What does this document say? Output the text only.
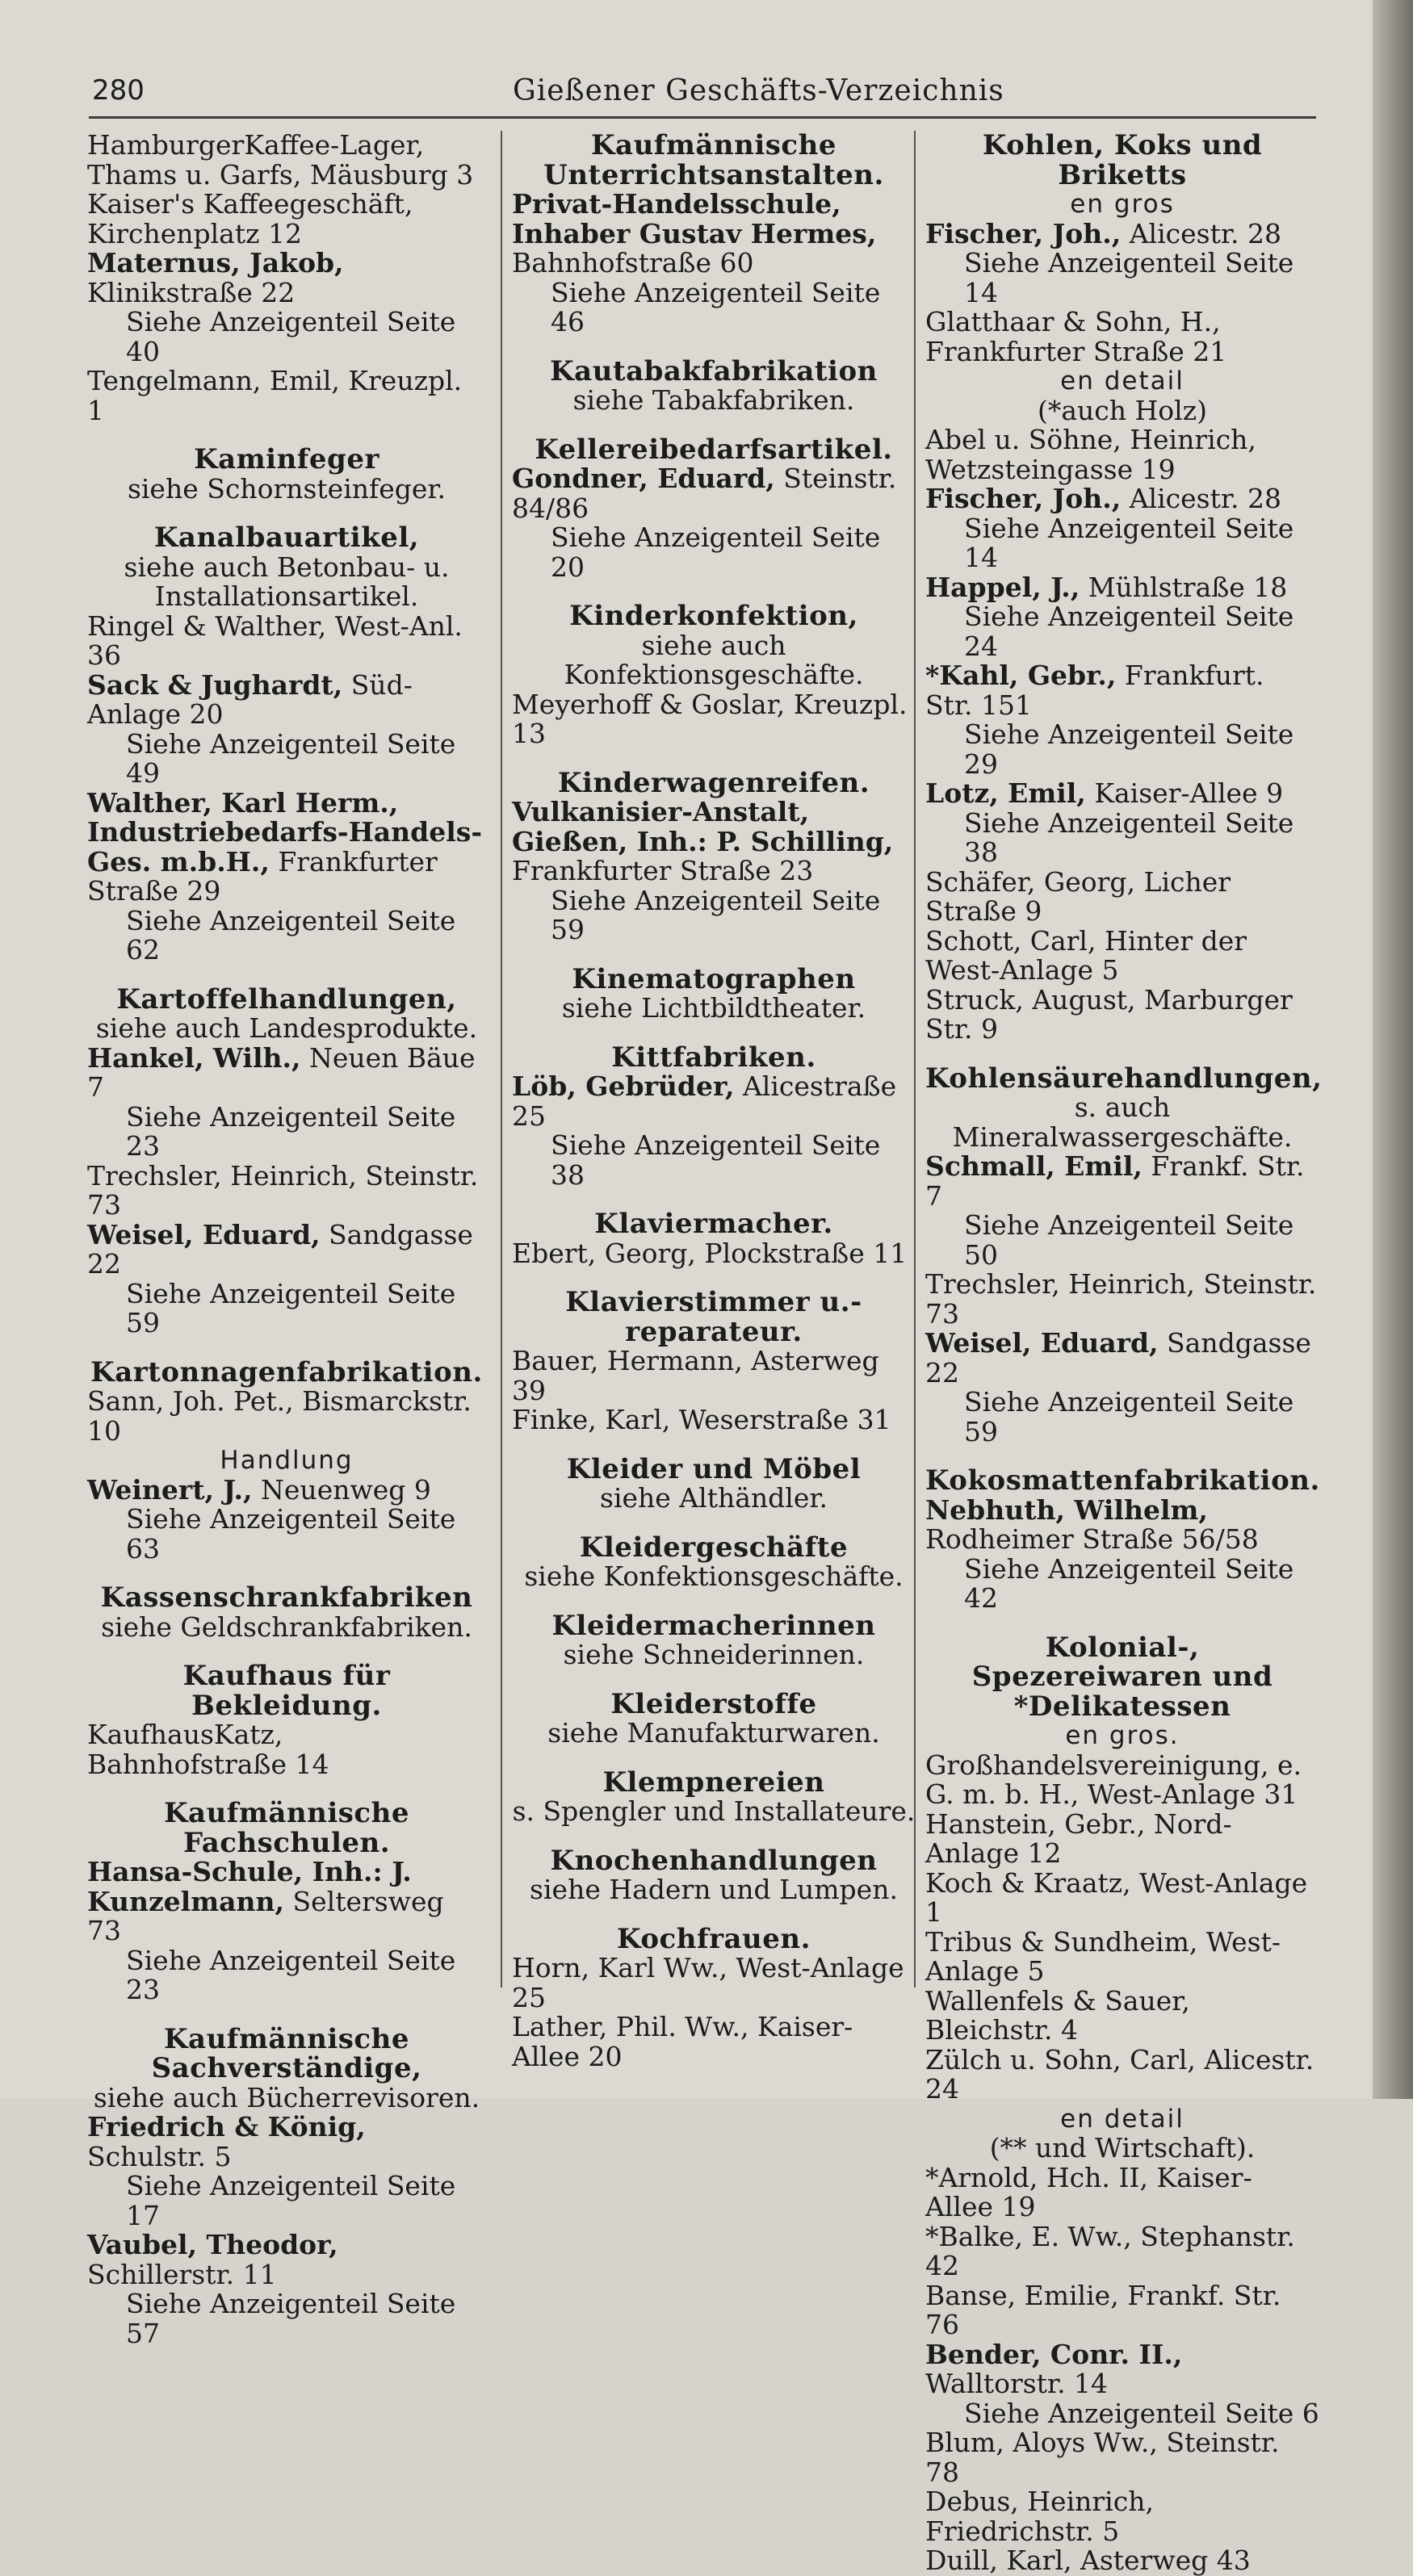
280	Gießener Geschäfts-Verzeichnis
HamburgerKaffee-Lager, Thams u. Garfs, Mäusburg 3
Kaiser's Kaffeegeschäft, Kirchenplatz 12
Maternus, Jakob, Klinikstraße 22
Siehe Anzeigenteil Seite 40
Tengelmann, Emil, Kreuzpl. 1
Kaminfeger
siehe Schornsteinfeger.
Kanalbauartikel,
siehe auch Betonbau- u. Installationsartikel.
Ringel & Walther, West-Anl. 36
Sack & Jughardt, Süd-Anlage 20
Siehe Anzeigenteil Seite 49
Walther, Karl Herm., Industriebedarfs-Handels-Ges. m.b.H., Frankfurter Straße 29
Siehe Anzeigenteil Seite 62
Kartoffelhandlungen,
siehe auch Landesprodukte.
Hankel, Wilh., Neuen Bäue 7
Siehe Anzeigenteil Seite 23
Trechsler, Heinrich, Steinstr. 73
Weisel, Eduard, Sandgasse 22
Siehe Anzeigenteil Seite 59
Kartonnagenfabrikation.
Sann, Joh. Pet., Bismarckstr. 10
Handlung
Weinert, J., Neuenweg 9
Siehe Anzeigenteil Seite 63
Kassenschrankfabriken
siehe Geldschrankfabriken.
Kaufhaus für Bekleidung.
KaufhausKatz, Bahnhofstraße 14
Kaufmännische Fachschulen.
Hansa-Schule, Inh.: J. Kunzelmann, Seltersweg 73
Siehe Anzeigenteil Seite 23
Kaufmännische Sachverständige,
siehe auch Bücherrevisoren.
Friedrich & König, Schulstr. 5
Siehe Anzeigenteil Seite 17
Vaubel, Theodor, Schillerstr. 11
Siehe Anzeigenteil Seite 57
Kaufmännische Unterrichtsanstalten.
Privat-Handelsschule, Inhaber Gustav Hermes, Bahnhofstraße 60
Siehe Anzeigenteil Seite 46
Kautabakfabrikation
siehe Tabakfabriken.
Kellereibedarfsartikel.
Gondner, Eduard, Steinstr. 84/86
Siehe Anzeigenteil Seite 20
Kinderkonfektion,
siehe auch Konfektionsgeschäfte.
Meyerhoff & Goslar, Kreuzpl. 13
Kinderwagenreifen.
Vulkanisier-Anstalt, Gießen, Inh.: P. Schilling, Frankfurter Straße 23
Siehe Anzeigenteil Seite 59
Kinematographen
siehe Lichtbildtheater.
Kittfabriken.
Löb, Gebrüder, Alicestraße 25
Siehe Anzeigenteil Seite 38
Klaviermacher.
Ebert, Georg, Plockstraße 11
Klavierstimmer u.-reparateur.
Bauer, Hermann, Asterweg 39
Finke, Karl, Weserstraße 31
Kleider und Möbel
siehe Althändler.
Kleidergeschäfte
siehe Konfektionsgeschäfte.
Kleidermacherinnen
siehe Schneiderinnen.
Kleiderstoffe
siehe Manufakturwaren.
Klempnereien
s. Spengler und Installateure.
Knochenhandlungen
siehe Hadern und Lumpen.
Kochfrauen.
Horn, Karl Ww., West-Anlage 25
Lather, Phil. Ww., Kaiser-Allee 20
Kohlen, Koks und Briketts
en gros
Fischer, Joh., Alicestr. 28
Siehe Anzeigenteil Seite 14
Glatthaar & Sohn, H., Frankfurter Straße 21
en detail
(*auch Holz)
Abel u. Söhne, Heinrich, Wetzsteingasse 19
Fischer, Joh., Alicestr. 28
Siehe Anzeigenteil Seite 14
Happel, J., Mühlstraße 18
Siehe Anzeigenteil Seite 24
*Kahl, Gebr., Frankfurt. Str. 151
Siehe Anzeigenteil Seite 29
Lotz, Emil, Kaiser-Allee 9
Siehe Anzeigenteil Seite 38
Schäfer, Georg, Licher Straße 9
Schott, Carl, Hinter der West-Anlage 5
Struck, August, Marburger Str. 9
Kohlensäurehandlungen,
s. auch Mineralwassergeschäfte.
Schmall, Emil, Frankf. Str. 7
Siehe Anzeigenteil Seite 50
Trechsler, Heinrich, Steinstr. 73
Weisel, Eduard, Sandgasse 22
Siehe Anzeigenteil Seite 59
Kokosmattenfabrikation.
Nebhuth, Wilhelm, Rodheimer Straße 56/58
Siehe Anzeigenteil Seite 42
Kolonial-, Spezereiwaren und *Delikatessen
en gros.
Großhandelsvereinigung, e. G. m. b. H., West-Anlage 31
Hanstein, Gebr., Nord-Anlage 12
Koch & Kraatz, West-Anlage 1
Tribus & Sundheim, West-Anlage 5
Wallenfels & Sauer, Bleichstr. 4
Zülch u. Sohn, Carl, Alicestr. 24
en detail
(** und Wirtschaft).
*Arnold, Hch. II, Kaiser-Allee 19
*Balke, E. Ww., Stephanstr. 42
Banse, Emilie, Frankf. Str. 76
Bender, Conr. II., Walltorstr. 14
Siehe Anzeigenteil Seite 6
Blum, Aloys Ww., Steinstr. 78
Debus, Heinrich, Friedrichstr. 5
Duill, Karl, Asterweg 43
